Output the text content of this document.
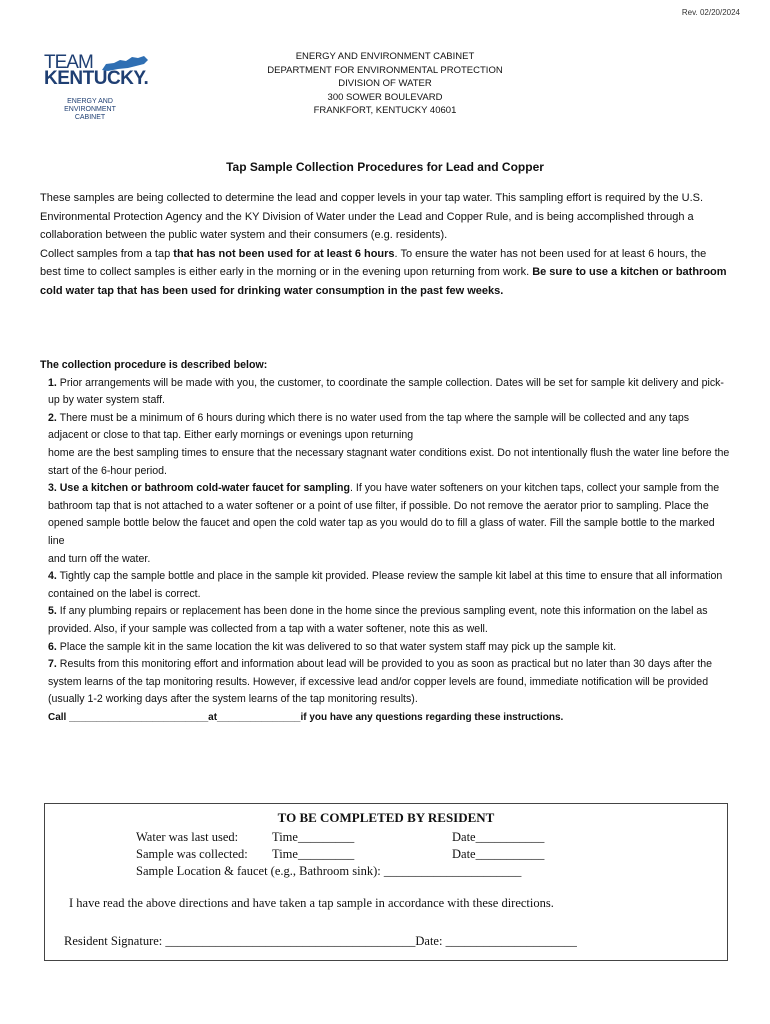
Rev. 02/20/2024
TEAM
KENTUCKY.
ENERGY AND
ENVIRONMENT CABINET
ENERGY AND ENVIRONMENT CABINET
DEPARTMENT FOR ENVIRONMENTAL PROTECTION
DIVISION OF WATER
300 SOWER BOULEVARD
FRANKFORT, KENTUCKY 40601
Tap Sample Collection Procedures for Lead and Copper

These samples are being collected to determine the lead and copper levels in your tap water. This sampling effort is required by the U.S. Environmental Protection Agency and the KY Division of Water under the Lead and Copper Rule, and is being accomplished through a collaboration between the public water system and their consumers (e.g. residents).

Collect samples from a tap that has not been used for at least 6 hours. To ensure the water has not been used for at least 6 hours, the best time to collect samples is either early in the morning or in the evening upon returning from work. Be sure to use a kitchen or bathroom cold water tap that has been used for drinking water consumption in the past few weeks.

The collection procedure is described below:

1. Prior arrangements will be made with you, the customer, to coordinate the sample collection. Dates will be set for sample kit delivery and pick-up by water system staff.

2. There must be a minimum of 6 hours during which there is no water used from the tap where the sample will be collected and any taps adjacent or close to that tap. Either early mornings or evenings upon returning

home are the best sampling times to ensure that the necessary stagnant water conditions exist. Do not intentionally flush the water line before the start of the 6-hour period.

3. Use a kitchen or bathroom cold-water faucet for sampling. If you have water softeners on your kitchen taps, collect your sample from the bathroom tap that is not attached to a water softener or a point of use filter, if possible. Do not remove the aerator prior to sampling. Place the opened sample bottle below the faucet and open the cold water tap as you would do to fill a glass of water. Fill the sample bottle to the marked line

and turn off the water.

4. Tightly cap the sample bottle and place in the sample kit provided. Please review the sample kit label at this time to ensure that all information contained on the label is correct.

5. If any plumbing repairs or replacement has been done in the home since the previous sampling event, note this information on the label as provided. Also, if your sample was collected from a tap with a water softener, note this as well.

6. Place the sample kit in the same location the kit was delivered to so that water system staff may pick up the sample kit.

7. Results from this monitoring effort and information about lead will be provided to you as soon as practical but no later than 30 days after the system learns of the tap monitoring results. However, if excessive lead and/or copper levels are found, immediate notification will be provided (usually 1-2 working days after the system learns of the tap monitoring results).

Call _________________________at_______________if you have any questions regarding these instructions.

TO BE COMPLETED BY RESIDENT
Water was last used:	Time_________	Date___________
Sample was collected: Time_________	Date___________
Sample Location & faucet (e.g., Bathroom sink): ______________________
I have read the above directions and have taken a tap sample in accordance with these directions.
Resident Signature: ________________________________________Date: _____________________
